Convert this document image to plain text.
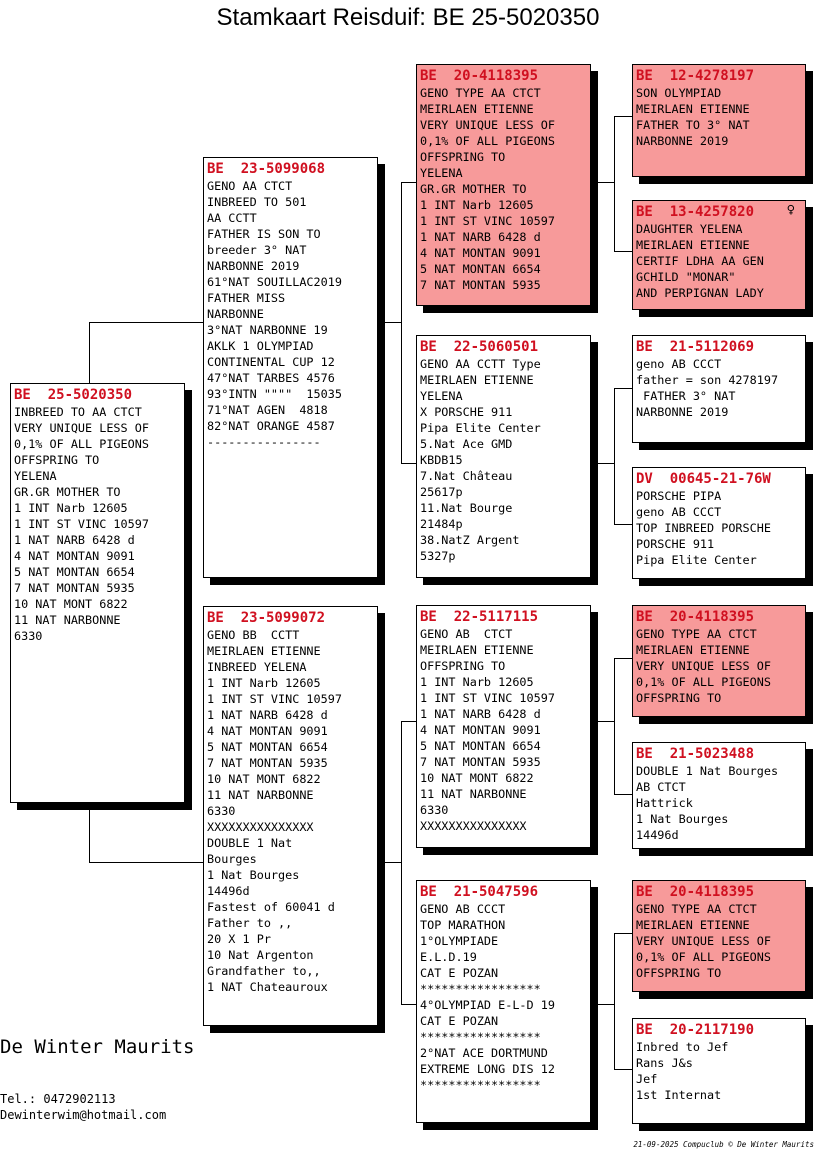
Stamkaart Reisduif: BE 25-5020350
BE  25-5020350
INBREED TO AA CTCT
VERY UNIQUE LESS OF
0,1% OF ALL PIGEONS
OFFSPRING TO
YELENA
GR.GR MOTHER TO
1 INT Narb 12605
1 INT ST VINC 10597
1 NAT NARB 6428 d
4 NAT MONTAN 9091
5 NAT MONTAN 6654
7 NAT MONTAN 5935
10 NAT MONT 6822
11 NAT NARBONNE
6330
BE  23-5099068
GENO AA CTCT
INBREED TO 501
AA CCTT
FATHER IS SON TO
breeder 3° NAT
NARBONNE 2019
61°NAT SOUILLAC2019
FATHER MISS
NARBONNE
3°NAT NARBONNE 19
AKLK 1 OLYMPIAD
CONTINENTAL CUP 12
47°NAT TARBES 4576
93°INTN """"  15035
71°NAT AGEN  4818
82°NAT ORANGE 4587
----------------
BE  23-5099072
GENO BB  CCTT
MEIRLAEN ETIENNE
INBREED YELENA
1 INT Narb 12605
1 INT ST VINC 10597
1 NAT NARB 6428 d
4 NAT MONTAN 9091
5 NAT MONTAN 6654
7 NAT MONTAN 5935
10 NAT MONT 6822
11 NAT NARBONNE
6330
XXXXXXXXXXXXXXX
DOUBLE 1 Nat
Bourges
1 Nat Bourges
14496d
Fastest of 60041 d
Father to ,,
20 X 1 Pr
10 Nat Argenton
Grandfather to,,
1 NAT Chateauroux
BE  20-4118395
GENO TYPE AA CTCT
MEIRLAEN ETIENNE
VERY UNIQUE LESS OF
0,1% OF ALL PIGEONS
OFFSPRING TO
YELENA
GR.GR MOTHER TO
1 INT Narb 12605
1 INT ST VINC 10597
1 NAT NARB 6428 d
4 NAT MONTAN 9091
5 NAT MONTAN 6654
7 NAT MONTAN 5935
BE  22-5060501
GENO AA CCTT Type
MEIRLAEN ETIENNE
YELENA
X PORSCHE 911
Pipa Elite Center
5.Nat Ace GMD
KBDB15
7.Nat Château
25617p
11.Nat Bourge
21484p
38.NatZ Argent
5327p
BE  22-5117115
GENO AB  CTCT
MEIRLAEN ETIENNE
OFFSPRING TO
1 INT Narb 12605
1 INT ST VINC 10597
1 NAT NARB 6428 d
4 NAT MONTAN 9091
5 NAT MONTAN 6654
7 NAT MONTAN 5935
10 NAT MONT 6822
11 NAT NARBONNE
6330
XXXXXXXXXXXXXXX
BE  21-5047596
GENO AB CCCT
TOP MARATHON
1°OLYMPIADE
E.L.D.19
CAT E POZAN
*****************
4°OLYMPIAD E-L-D 19
CAT E POZAN
*****************
2°NAT ACE DORTMUND
EXTREME LONG DIS 12
*****************
BE  12-4278197
SON OLYMPIAD
MEIRLAEN ETIENNE
FATHER TO 3° NAT
NARBONNE 2019
BE  13-4257820	♀
DAUGHTER YELENA
MEIRLAEN ETIENNE
CERTIF LDHA AA GEN
GCHILD "MONAR"
AND PERPIGNAN LADY
BE  21-5112069
geno AB CCCT
father = son 4278197
FATHER 3° NAT
NARBONNE 2019
DV  00645-21-76W
PORSCHE PIPA
geno AB CCCT
TOP INBREED PORSCHE
PORSCHE 911
Pipa Elite Center
BE  20-4118395
GENO TYPE AA CTCT
MEIRLAEN ETIENNE
VERY UNIQUE LESS OF
0,1% OF ALL PIGEONS
OFFSPRING TO
BE  21-5023488
DOUBLE 1 Nat Bourges
AB CTCT
Hattrick
1 Nat Bourges
14496d
BE  20-4118395
GENO TYPE AA CTCT
MEIRLAEN ETIENNE
VERY UNIQUE LESS OF
0,1% OF ALL PIGEONS
OFFSPRING TO
BE  20-2117190
Inbred to Jef
Rans J&s
Jef
1st Internat
De Winter Maurits
Tel.: 0472902113
Dewinterwim@hotmail.com
21-09-2025 Compuclub © De Winter Maurits
